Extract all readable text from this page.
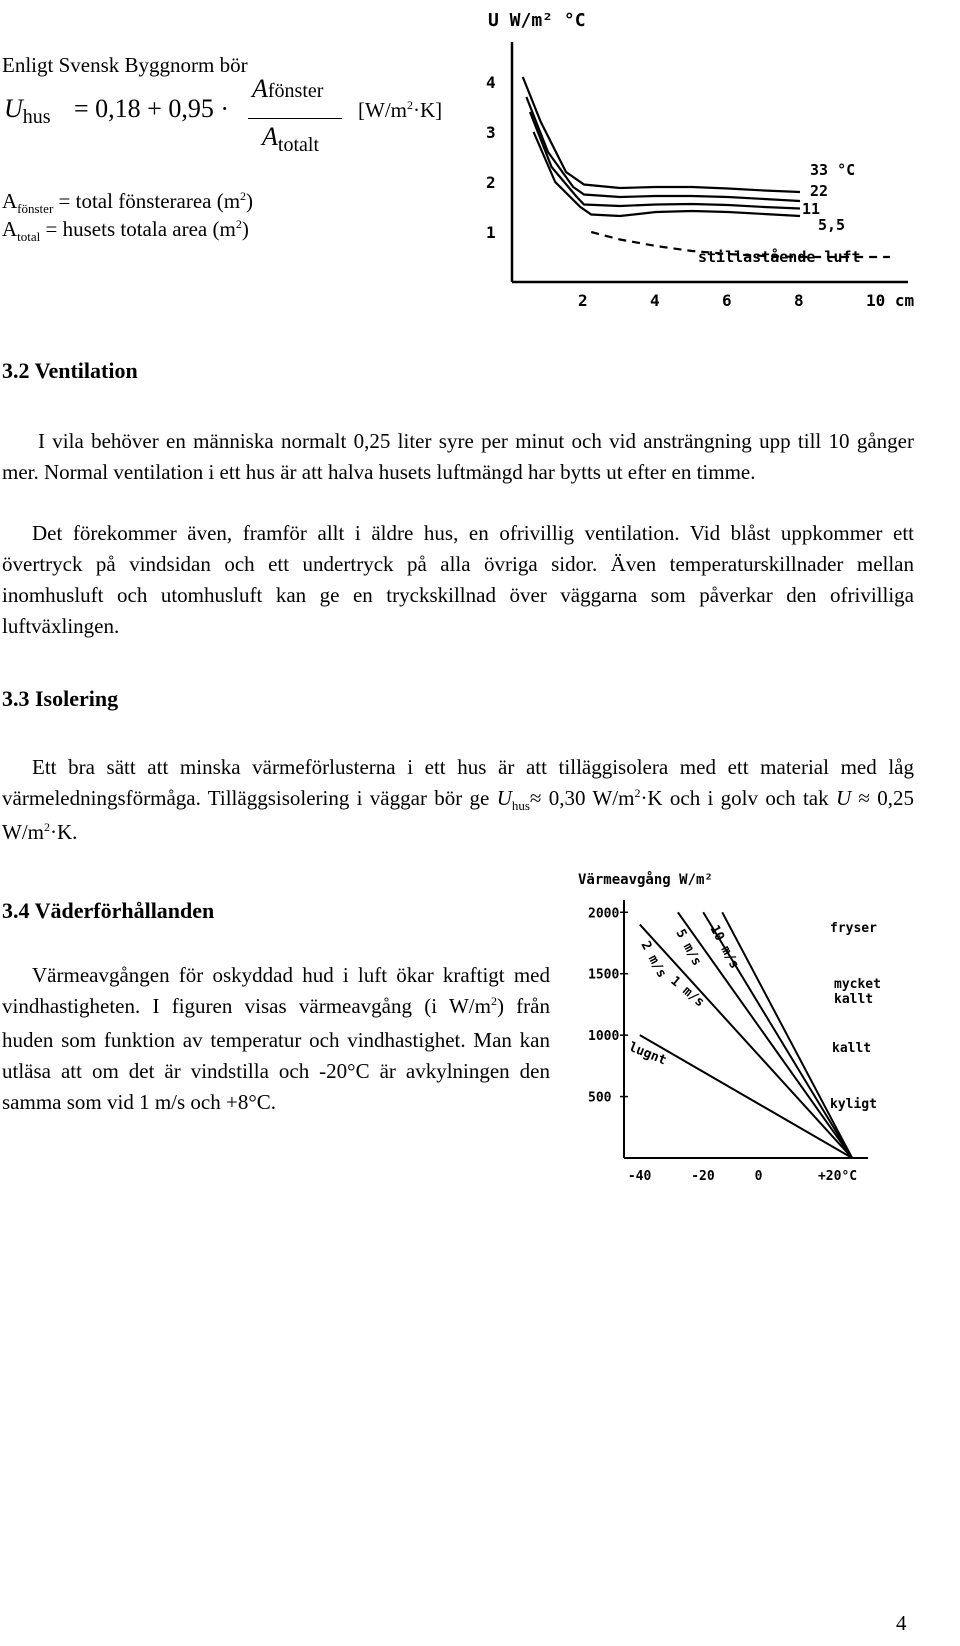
Enligt Svensk Byggnorm bör
$U_{hus} = 0,18 + 0,95$ ·
Afönster
$A_{totalt}$
$[W/m^2\cdot K]$
$A_{fönster}$ = total fönsterarea $(m^2)$
$A_{total}$ = husets totala area $(m^2)$
U W/m² °C
1
2
3
4
2	4	6	8	10 cm
33 °C
22
11
5,5
stillastående luft
3.2 Ventilation
I vila behöver en människa normalt 0,25 liter syre per minut och vid ansträngning upp till 10 gånger mer. Normal ventilation i ett hus är att halva husets luftmängd har bytts ut efter en timme.
Det förekommer även, framför allt i äldre hus, en ofrivillig ventilation. Vid blåst uppkommer ett övertryck på vindsidan och ett undertryck på alla övriga sidor. Även temperaturskillnader mellan inomhusluft och utomhusluft kan ge en tryckskillnad över väggarna som påverkar den ofrivilliga luftväxlingen.
3.3 Isolering
Ett bra sätt att minska värmeförlusterna i ett hus är att tilläggisolera med ett material med låg värmeledningsförmåga. Tilläggsisolering i väggar bör ge $U_{hus}\approx 0,30$ $W/m^2\cdot K$ och i golv och tak U ≈ 0,25 $W/m^2\cdot K$.
3.4 Väderförhållanden
Värmeavgången för oskyddad hud i luft ökar kraftigt med vindhastigheten. I figuren visas värmeavgång (i $W/m^2$) från huden som funktion av temperatur och vindhastighet. Man kan utläsa att om det är vindstilla och -20°C är avkylningen den samma som vid 1 m/s och +8°C.
Värmeavgång W/m²
2000
1500
1000
500
-40	-20	0	+20°C
2 m/s 5 m/s 10 m/s
1 m/s
lugnt
fryser
mycket kallt
kallt
kyligt
4
